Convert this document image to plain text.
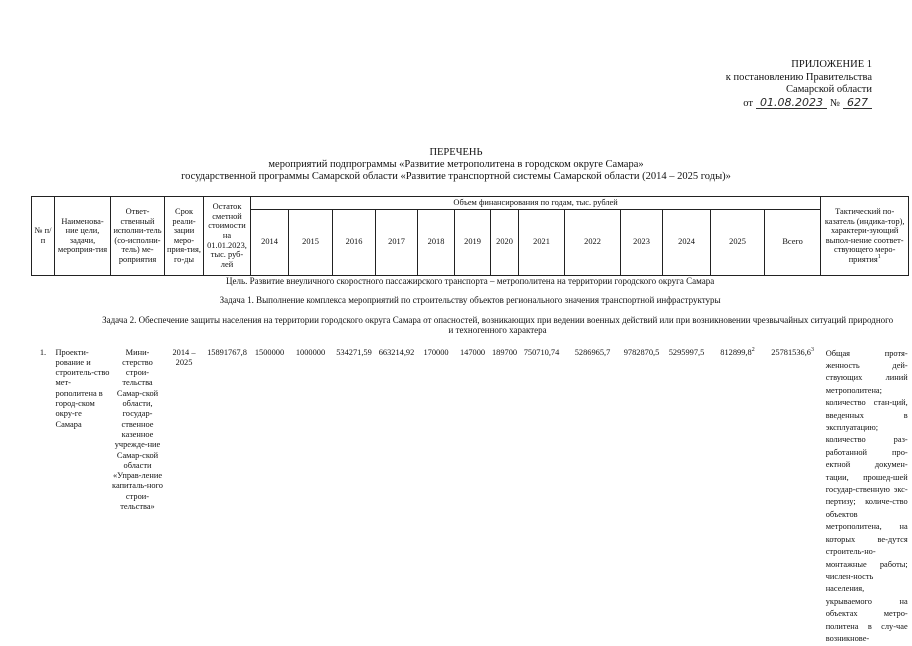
ПРИЛОЖЕНИЕ 1
к постановлению Правительства
Самарской области
от 01.08.2023 № 627
ПЕРЕЧЕНЬ
мероприятий подпрограммы «Развитие метрополитена в городском округе Самара»
государственной программы Самарской области «Развитие транспортной системы Самарской области (2014 – 2025 годы)»
№ п/п	Наименова-ние цели, задачи, мероприя-тия	Ответ-ственный исполни-тель (со-исполни-тель) ме-роприятия	Срок реали-зации меро-прия-тия, го-ды	Остаток сметной стоимости на 01.01.2023, тыс. руб-лей	Объем финансирования по годам, тыс. рублей													Тактический по-казатель (индика-тор), характери-зующий выпол-нение соответ-ствующего меро-приятия$^1$
					2014	2015	2016	2017	2018	2019	2020	2021	2022	2023	2024	2025	Всего	
Цель. Развитие внеуличного скоростного пассажирского транспорта – метрополитена на территории городского округа Самара																		
Задача 1. Выполнение комплекса мероприятий по строительству объектов регионального значения транспортной инфраструктуры																		
Задача 2. Обеспечение защиты населения на территории городского округа Самара от опасностей, возникающих при ведении военных действий или при возникновении чрезвычайных ситуаций природного и техногенного характера																		
1.	Проекти-рование и строитель-ство мет-рополитена в город-ском окру-ге Самара	Мини-стерство строи-тельства Самар-ской области, государ-ственное казенное учрежде-ние Самар-ской области «Управ-ление капиталь-ного строи-тельства»	2014 – 2025	15891767,8	1500000	1000000	534271,59	663214,92	170000	147000	189700	750710,74	5286965,7	9782870,5	5295997,5	812899,8$^2$	25781536,6$^3$	Общая протя-женность дей-ствующих линий метрополитена; количество стан-ций, введенных в эксплуатацию; количество раз-работанной про-ектной докумен-тации, прошед-шей государ-ственную экс-пертизу; количе-ство объектов метрополитена, на которых ве-дутся строитель-но-монтажные работы; числен-ность населения, укрываемого на объектах метро-политена в слу-чае возникнове-
